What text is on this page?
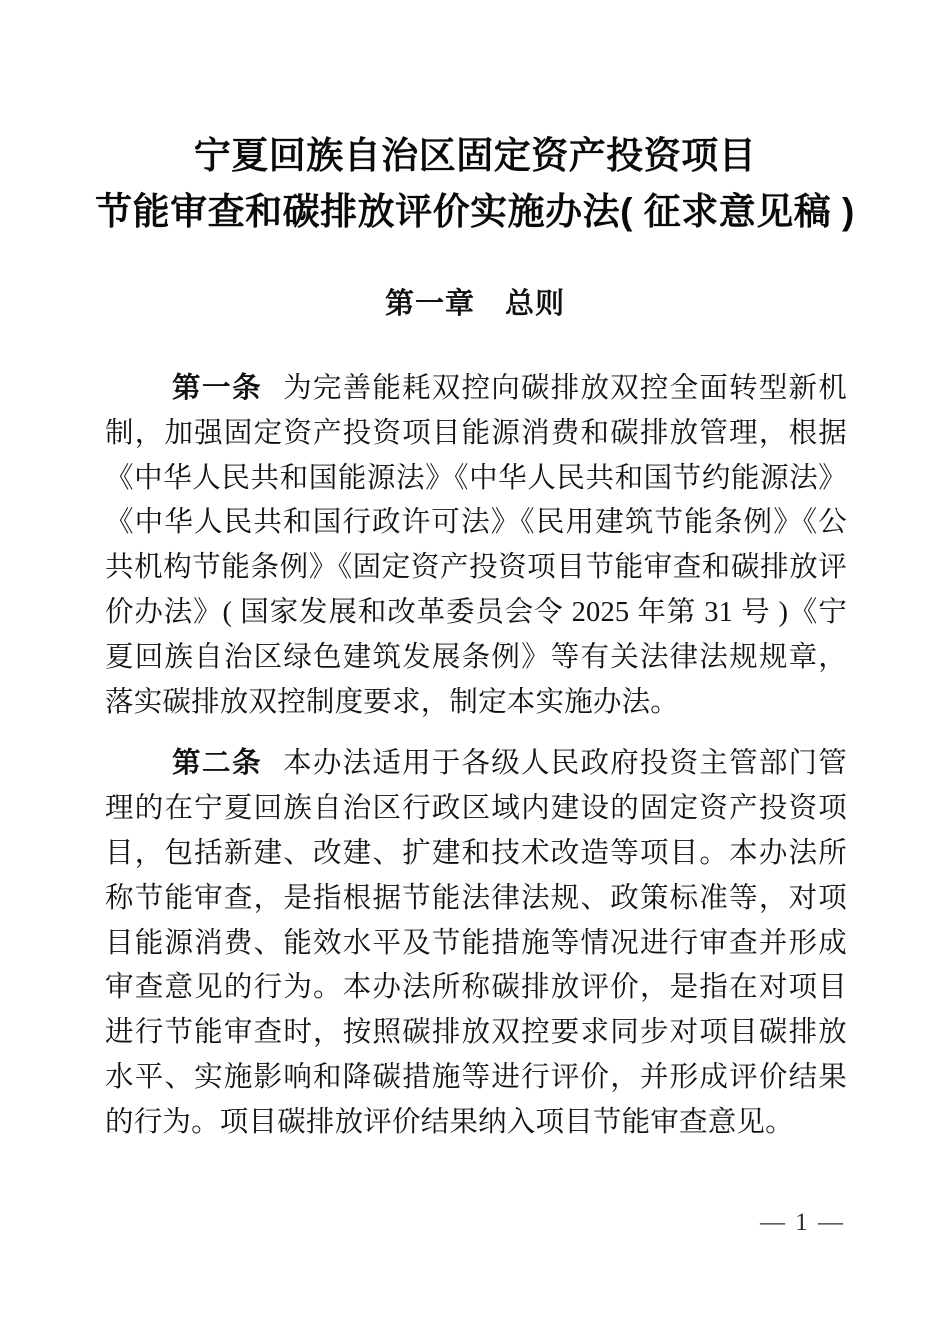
宁夏回族自治区固定资产投资项目
节能审查和碳排放评价实施办法( 征求意见稿 )
第一章 总则

第一条 为完善能耗双控向碳排放双控全面转型新机制，加强固定资产投资项目能源消费和碳排放管理，根据《中华人民共和国能源法》《中华人民共和国节约能源法》《中华人民共和国行政许可法》《民用建筑节能条例》《公共机构节能条例》《固定资产投资项目节能审查和碳排放评价办法》( 国家发展和改革委员会令 2025 年第 31 号 )《宁夏回族自治区绿色建筑发展条例》等有关法律法规规章，落实碳排放双控制度要求，制定本实施办法。

第二条 本办法适用于各级人民政府投资主管部门管理的在宁夏回族自治区行政区域内建设的固定资产投资项目，包括新建、改建、扩建和技术改造等项目。本办法所称节能审查，是指根据节能法律法规、政策标准等，对项目能源消费、能效水平及节能措施等情况进行审查并形成审查意见的行为。本办法所称碳排放评价，是指在对项目进行节能审查时，按照碳排放双控要求同步对项目碳排放水平、实施影响和降碳措施等进行评价，并形成评价结果的行为。项目碳排放评价结果纳入项目节能审查意见。

— 1 —
